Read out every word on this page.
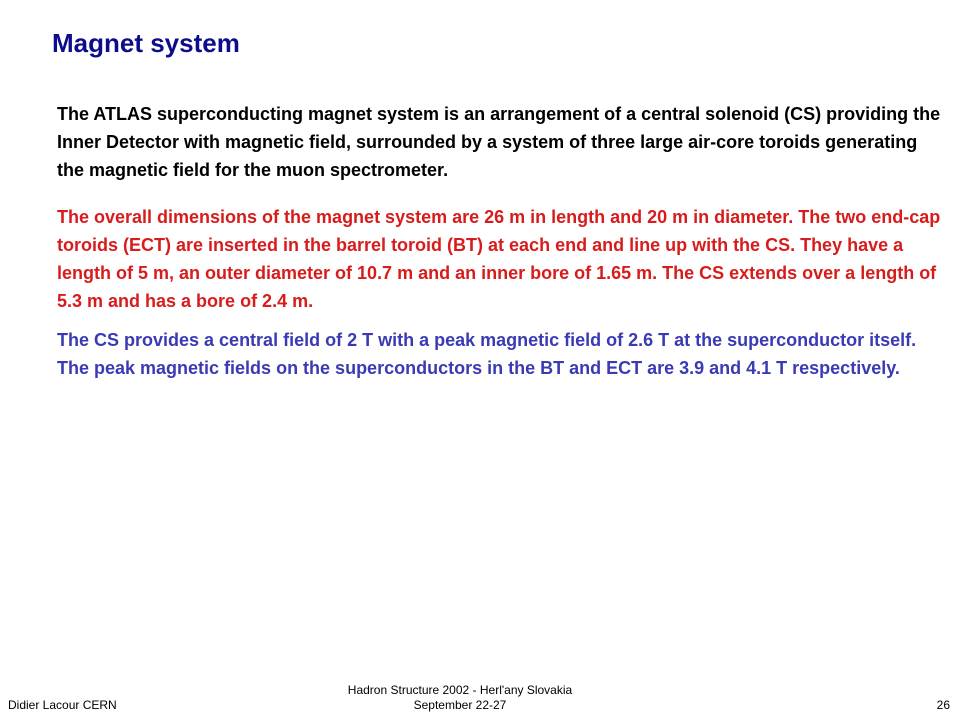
Magnet system

The ATLAS superconducting magnet system is an arrangement of a central solenoid (CS) providing the Inner Detector with magnetic field, surrounded by a system of three large air-core toroids generating the magnetic field for the muon spectrometer.

The overall dimensions of the magnet system are 26 m in length and 20 m in diameter. The two end-cap toroids (ECT) are inserted in the barrel toroid (BT) at each end and line up with the CS. They have a length of 5 m, an outer diameter of 10.7 m and an inner bore of 1.65 m. The CS extends over a length of 5.3 m and has a bore of 2.4 m.

The CS provides a central field of 2 T with a peak magnetic field of 2.6 T at the superconductor itself. The peak magnetic fields on the superconductors in the BT and ECT are 3.9 and 4.1 T respectively.

Didier Lacour CERN
Hadron Structure 2002 - Herl'any Slovakia
September 22-27	26
